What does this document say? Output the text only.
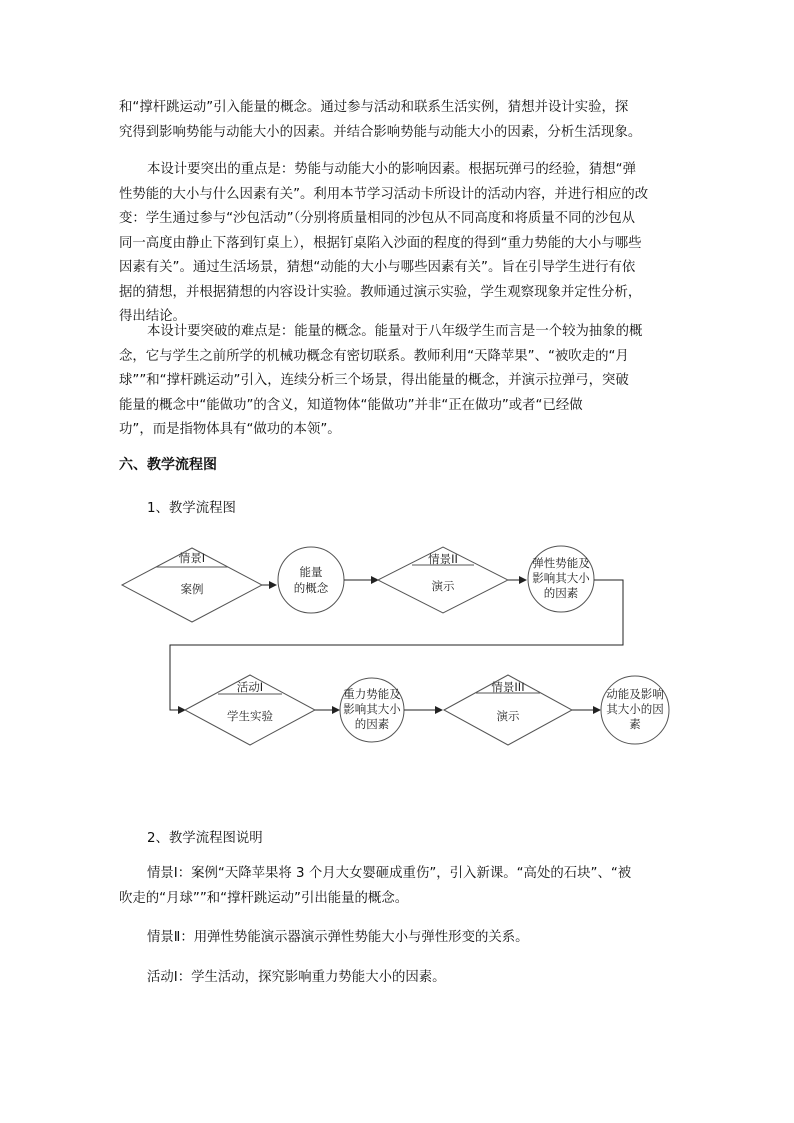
和“撑杆跳运动”引入能量的概念。通过参与活动和联系生活实例，猜想并设计实验，探
究得到影响势能与动能大小的因素。并结合影响势能与动能大小的因素，分析生活现象。

本设计要突出的重点是：势能与动能大小的影响因素。根据玩弹弓的经验，猜想“弹
性势能的大小与什么因素有关”。利用本节学习活动卡所设计的活动内容，并进行相应的改
变：学生通过参与“沙包活动”（分别将质量相同的沙包从不同高度和将质量不同的沙包从
同一高度由静止下落到钉桌上），根据钉桌陷入沙面的程度的得到“重力势能的大小与哪些
因素有关”。通过生活场景，猜想“动能的大小与哪些因素有关”。旨在引导学生进行有依
据的猜想，并根据猜想的内容设计实验。教师通过演示实验，学生观察现象并定性分析，
得出结论。

本设计要突破的难点是：能量的概念。能量对于八年级学生而言是一个较为抽象的概
念，它与学生之前所学的机械功概念有密切联系。教师利用“天降苹果”、“被吹走的“月
球””和“撑杆跳运动”引入，连续分析三个场景，得出能量的概念，并演示拉弹弓，突破
能量的概念中“能做功”的含义，知道物体“能做功”并非“正在做功”或者“已经做
功”，而是指物体具有“做功的本领”。

六、教学流程图

1、教学流程图

情景I
案例
能量
的概念
情景II
演示
弹性势能及
影响其大小
的因素
活动I
学生实验
重力势能及
影响其大小
的因素
情景III
演示
动能及影响
其大小的因
素

2、教学流程图说明

情景Ⅰ：案例“天降苹果将 3 个月大女婴砸成重伤”，引入新课。“高处的石块”、“被
吹走的“月球””和“撑杆跳运动”引出能量的概念。

情景Ⅱ：用弹性势能演示器演示弹性势能大小与弹性形变的关系。

活动Ⅰ：学生活动，探究影响重力势能大小的因素。
